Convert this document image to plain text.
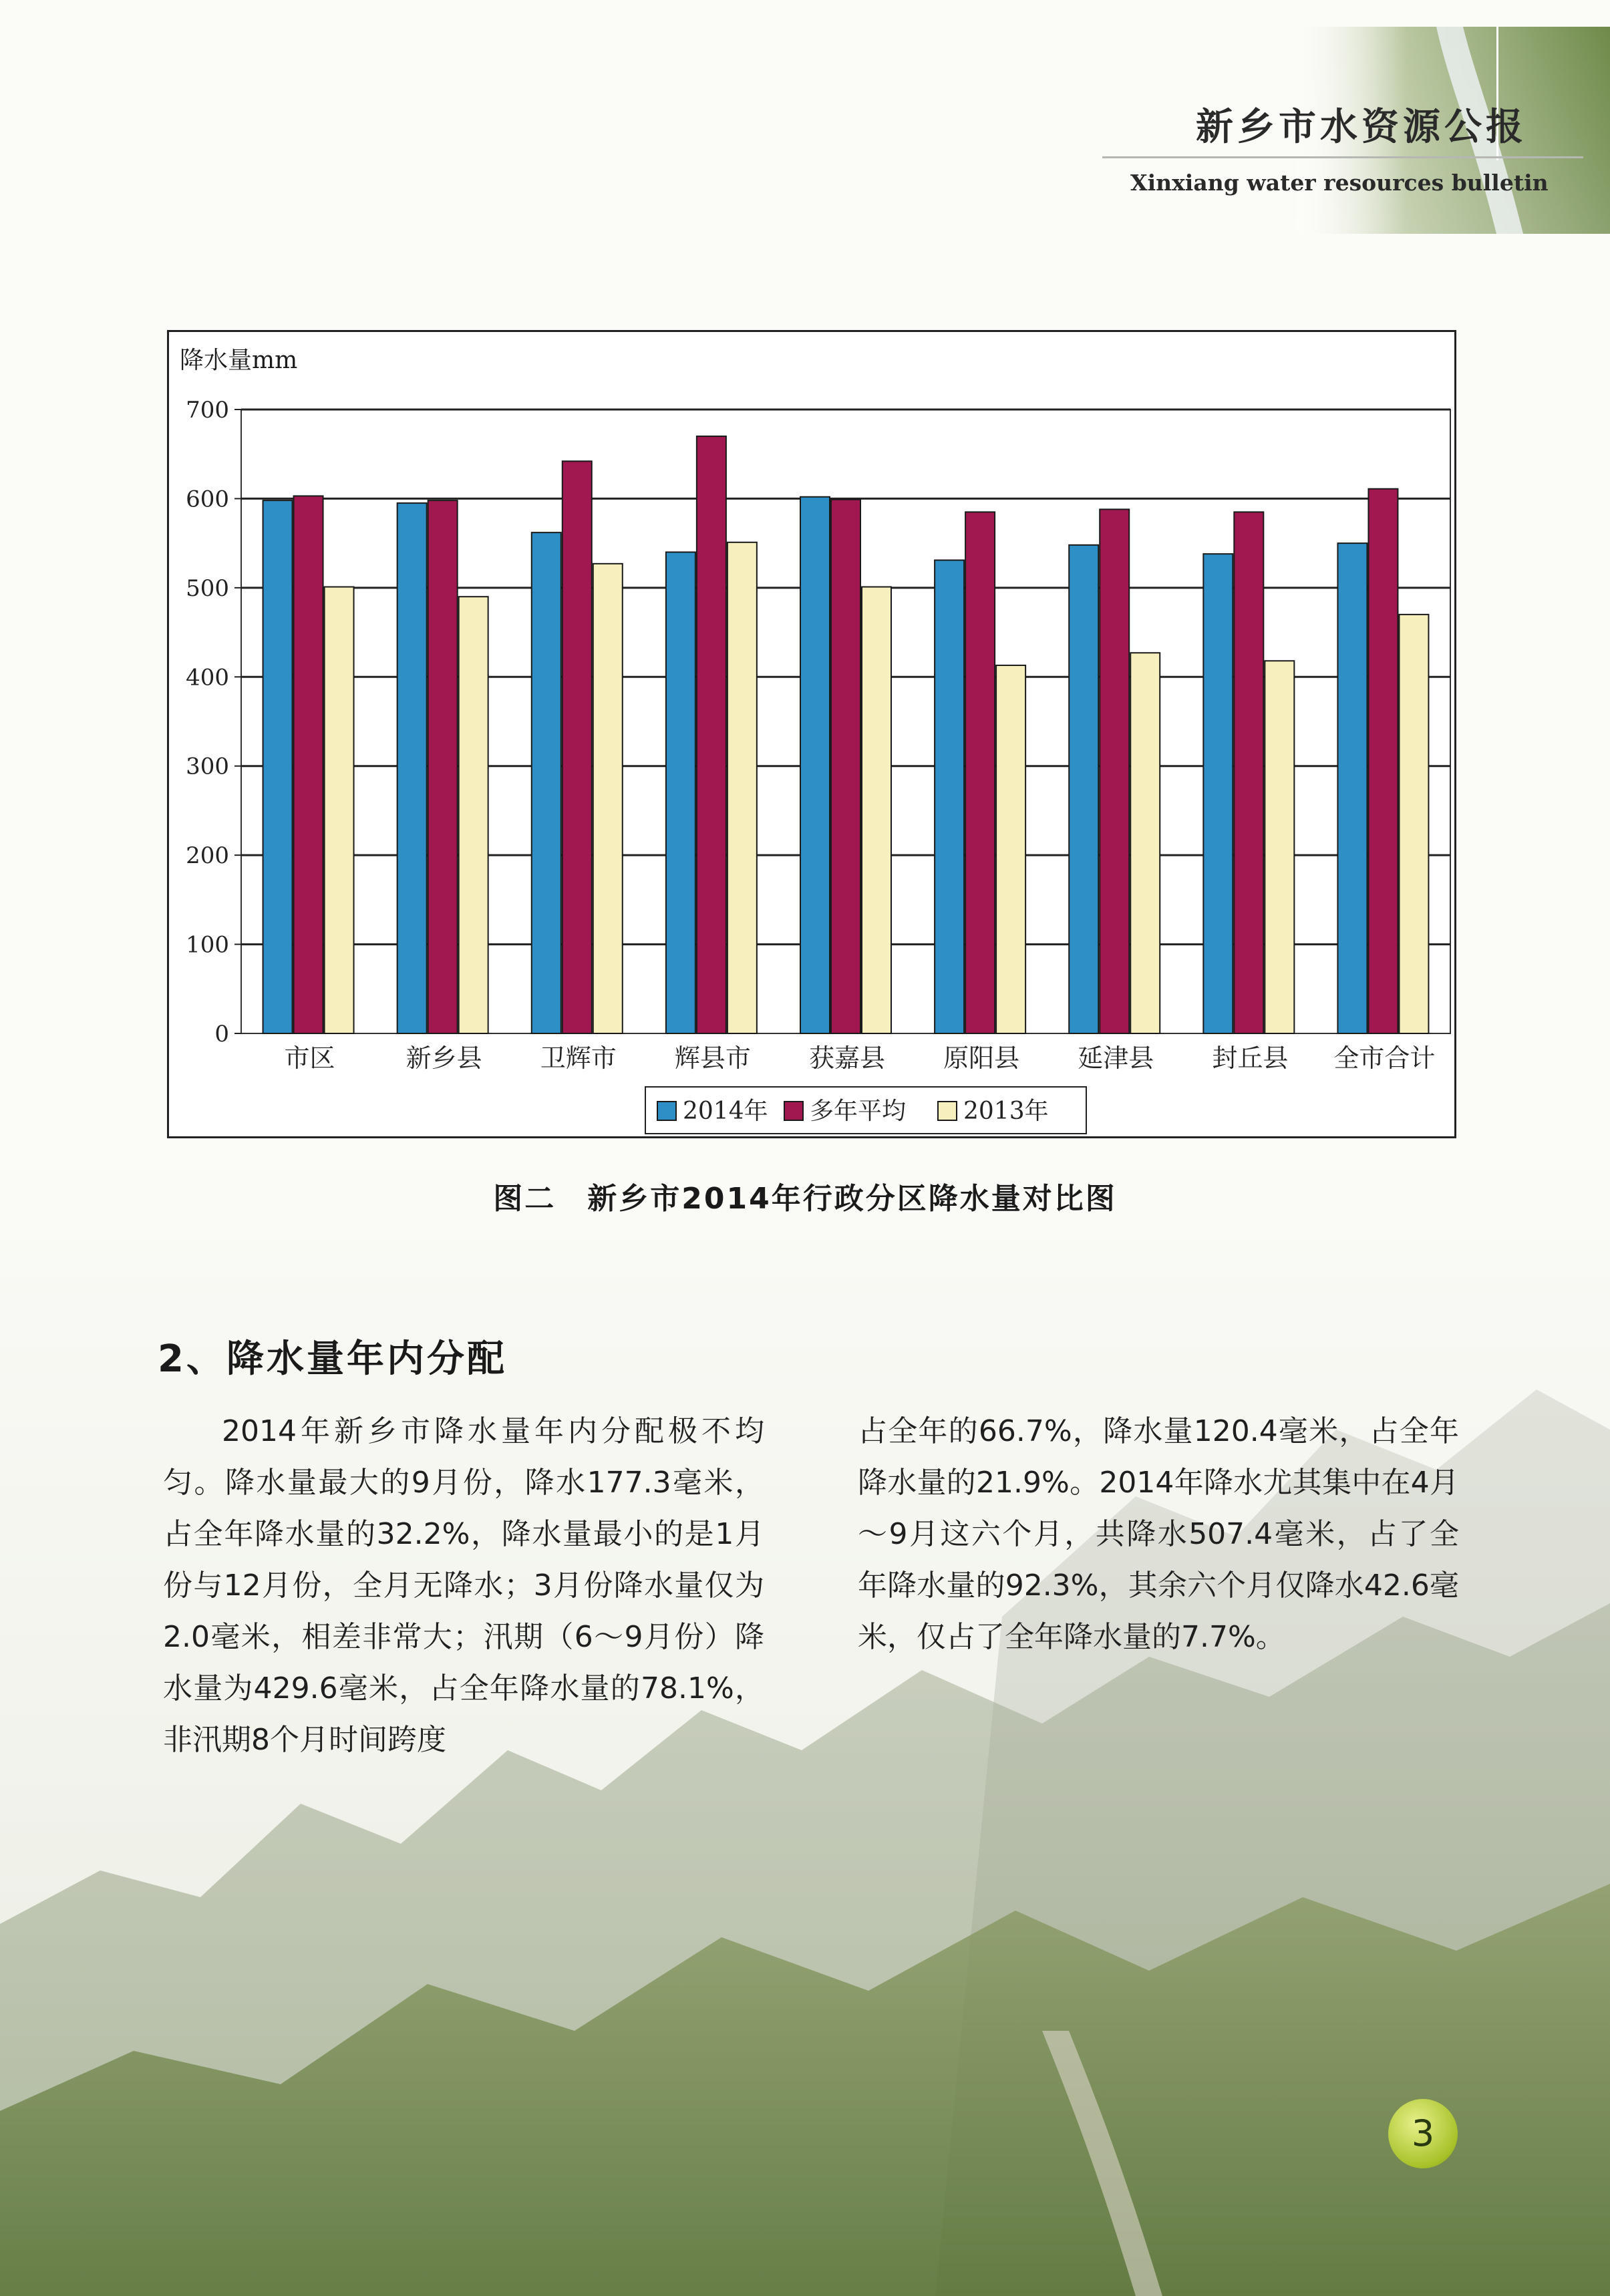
新乡市水资源公报
Xinxiang water resources bulletin
降水量mm
0
100
200
300
400
500
600
700
市区	新乡县 卫辉市 辉县市 获嘉县 原阳县 延津县 封丘县 全市合计
2014年 多年平均 2013年
图二　新乡市2014年行政分区降水量对比图
2、降水量年内分配
2014年新乡市降水量年内分配极不均匀。降水量最大的9月份，降水177.3毫米，占全年降水量的32.2%，降水量最小的是1月份与12月份，全月无降水；3月份降水量仅为2.0毫米，相差非常大；汛期（6～9月份）降水量为429.6毫米，占全年降水量的78.1%，非汛期8个月时间跨度
占全年的66.7%，降水量120.4毫米，占全年降水量的21.9%。2014年降水尤其集中在4月～9月这六个月，共降水507.4毫米，占了全年降水量的92.3%，其余六个月仅降水42.6毫米，仅占了全年降水量的7.7%。
3
